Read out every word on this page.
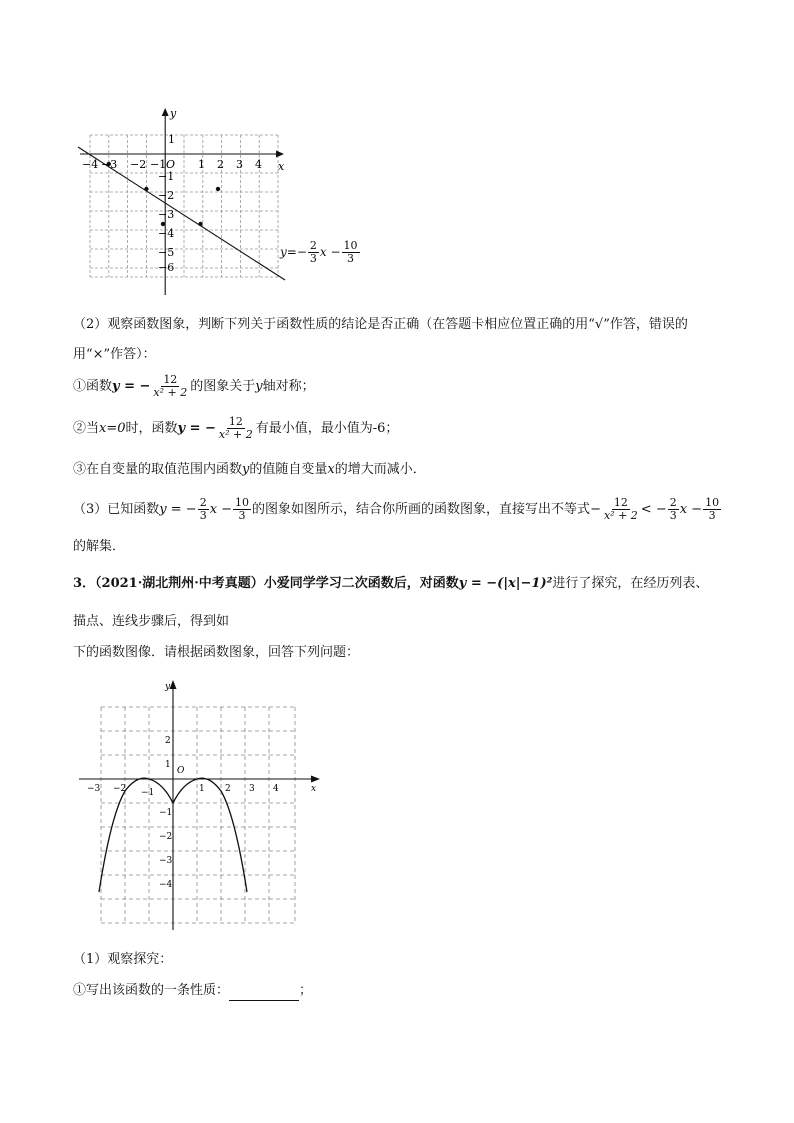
x
y
−4 −3 −2 −1 O 1 2 3 4
1
−1
−2
−3
−4
−5
−6
$y=- \frac{2}{3}$ $x - \frac{10}{3}$
（2）观察函数图象，判断下列关于函数性质的结论是否正确（在答题卡相应位置正确的用“√”作答，错误的
用“×”作答）：
①函数y = − $\frac{12}{\text{x² + 2}}$ 的图象关于y轴对称；
②当x=0时，函数y = − $\frac{12}{\text{x² + 2}}$ 有最小值，最小值为-6；
③在自变量的取值范围内函数y的值随自变量x的增大而减小．
（3）已知函数y = − $\frac{2}{3}$ $x - \frac{10}{3}$ 的图象如图所示，结合你所画的函数图象，直接写出不等式− $\frac{12}{\text{x² + 2}}$ < − $\frac{2}{3}$ $x - \frac{10}{3}$
的解集．
3．（2021·湖北荆州·中考真题）小爱同学学习二次函数后，对函数y = −(|x|−1)²进行了探究，在经历列表、
描点、连线步骤后，得到如
下的函数图像．请根据函数图象，回答下列问题：
x
y
O
−3 −2 −1	1 2 3 4
2
1
−1
−2
−3
−4
（1）观察探究：
①写出该函数的一条性质：	；
